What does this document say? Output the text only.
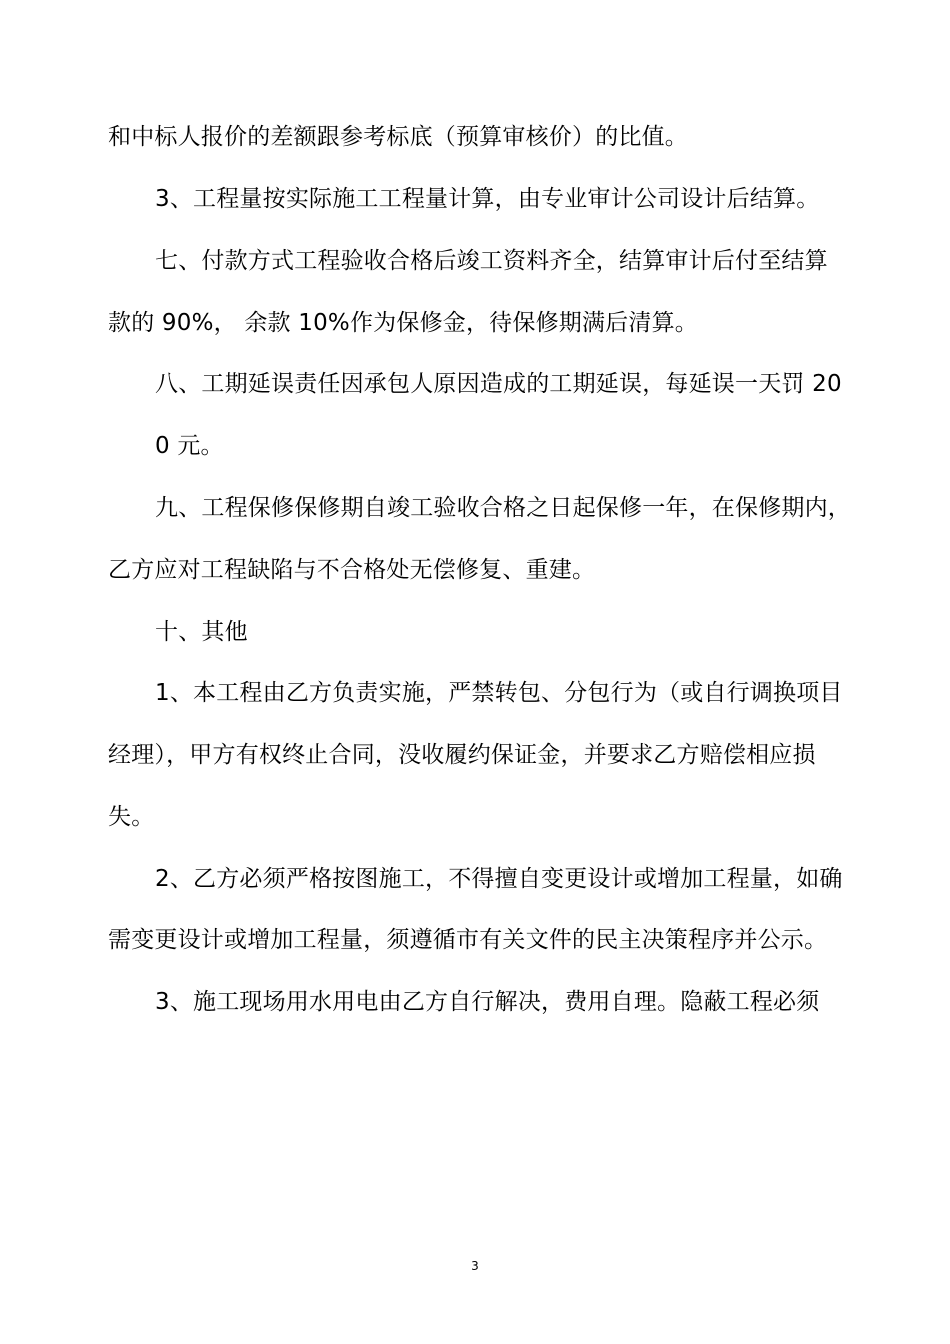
和中标人报价的差额跟参考标底（预算审核价）的比值。
3、工程量按实际施工工程量计算，由专业审计公司设计后结算。
七、付款方式工程验收合格后竣工资料齐全，结算审计后付至结算
款的 90%， 余款 10%作为保修金，待保修期满后清算。
八、工期延误责任因承包人原因造成的工期延误，每延误一天罚 20
0 元。
九、工程保修保修期自竣工验收合格之日起保修一年，在保修期内，
乙方应对工程缺陷与不合格处无偿修复、重建。
十、其他
1、本工程由乙方负责实施，严禁转包、分包行为（或自行调换项目
经理），甲方有权终止合同，没收履约保证金，并要求乙方赔偿相应损
失。
2、乙方必须严格按图施工，不得擅自变更设计或增加工程量，如确
需变更设计或增加工程量，须遵循市有关文件的民主决策程序并公示。
3、施工现场用水用电由乙方自行解决，费用自理。隐蔽工程必须
3
